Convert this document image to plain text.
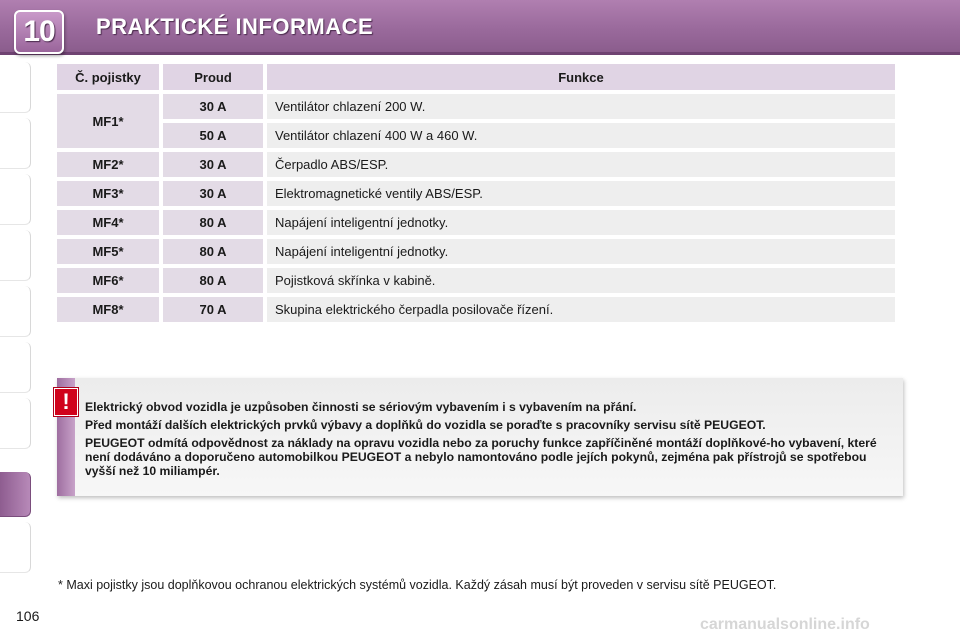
10	PRAKTICKÉ INFORMACE
Č. pojistky	Proud	Funkce
MF1*	30 A	Ventilátor chlazení 200 W.
	50 A	Ventilátor chlazení 400 W a 460 W.
MF2*	30 A	Čerpadlo ABS/ESP.
MF3*	30 A	Elektromagnetické ventily ABS/ESP.
MF4*	80 A	Napájení inteligentní jednotky.
MF5*	80 A	Napájení inteligentní jednotky.
MF6*	80 A	Pojistková skřínka v kabině.
MF8*	70 A	Skupina elektrického čerpadla posilovače řízení.
!	Elektrický obvod vozidla je uzpůsoben činnosti se sériovým vybavením i s vybavením na přání.

Před montáží dalších elektrických prvků výbavy a doplňků do vozidla se poraďte s pracovníky servisu sítě PEUGEOT.

PEUGEOT odmítá odpovědnost za náklady na opravu vozidla nebo za poruchy funkce zapříčiněné montáží doplňkové-ho vybavení, které není dodáváno a doporučeno automobilkou PEUGEOT a nebylo namontováno podle jejích pokynů, zejména pak přístrojů se spotřebou vyšší než 10 miliampér.

* Maxi pojistky jsou doplňkovou ochranou elektrických systémů vozidla. Každý zásah musí být proveden v servisu sítě PEUGEOT.
106	carmanualsonline.info
